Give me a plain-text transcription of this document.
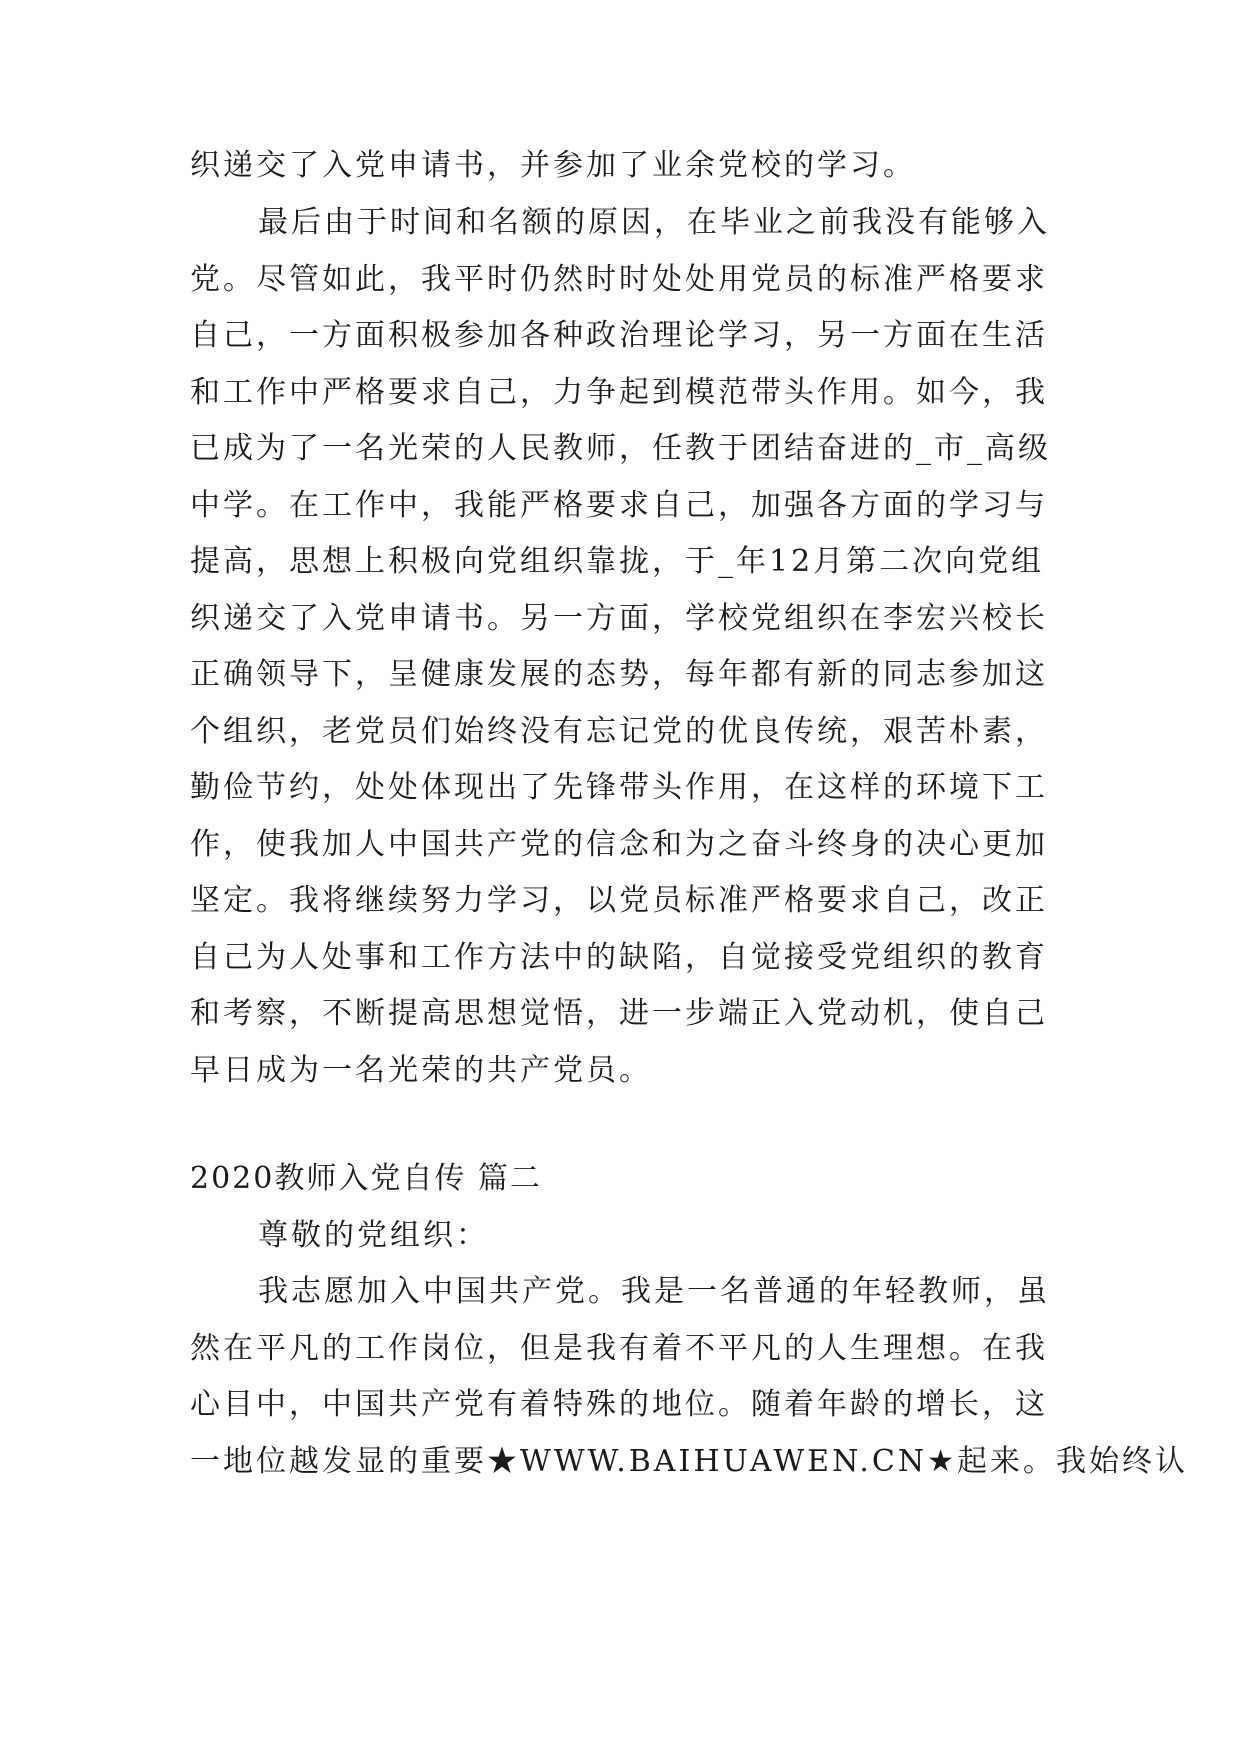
织递交了入党申请书，并参加了业余党校的学习。
最后由于时间和名额的原因，在毕业之前我没有能够入
党。尽管如此，我平时仍然时时处处用党员的标准严格要求
自己，一方面积极参加各种政治理论学习，另一方面在生活
和工作中严格要求自己，力争起到模范带头作用。如今，我
已成为了一名光荣的人民教师，任教于团结奋进的_市_高级
中学。在工作中，我能严格要求自己，加强各方面的学习与
提高，思想上积极向党组织靠拢，于_年12月第二次向党组
织递交了入党申请书。另一方面，学校党组织在李宏兴校长
正确领导下，呈健康发展的态势，每年都有新的同志参加这
个组织，老党员们始终没有忘记党的优良传统，艰苦朴素，
勤俭节约，处处体现出了先锋带头作用，在这样的环境下工
作，使我加人中国共产党的信念和为之奋斗终身的决心更加
坚定。我将继续努力学习，以党员标准严格要求自己，改正
自己为人处事和工作方法中的缺陷，自觉接受党组织的教育
和考察，不断提高思想觉悟，进一步端正入党动机，使自己
早日成为一名光荣的共产党员。
2020教师入党自传 篇二
尊敬的党组织：
我志愿加入中国共产党。我是一名普通的年轻教师，虽
然在平凡的工作岗位，但是我有着不平凡的人生理想。在我
心目中，中国共产党有着特殊的地位。随着年龄的增长，这
一地位越发显的重要★WWW.BAIHUAWEN.CN★起来。我始终认
